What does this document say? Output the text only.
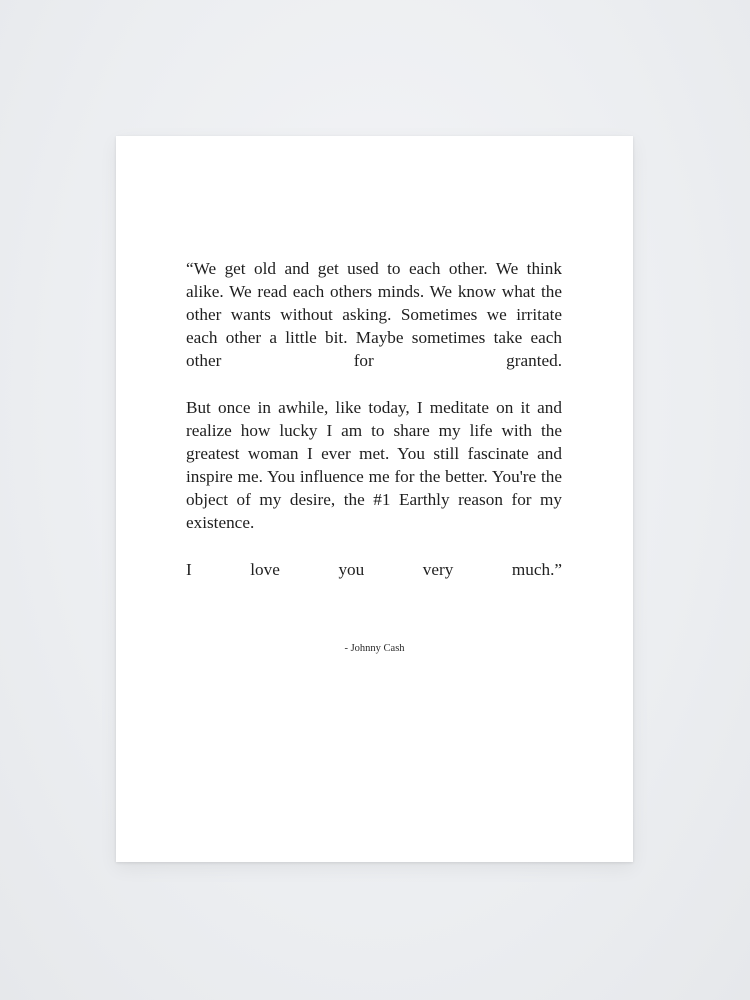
“We get old and get used to each other. We think alike. We read each others minds. We know what the other wants without asking. Sometimes we irritate each other a little bit. Maybe sometimes take each other for granted.

But once in awhile, like today, I meditate on it and realize how lucky I am to share my life with the greatest woman I ever met. You still fascinate and inspire me. You influence me for the better. You're the object of my desire, the #1 Earthly reason for my existence.

I love you very much.”

- Johnny Cash
